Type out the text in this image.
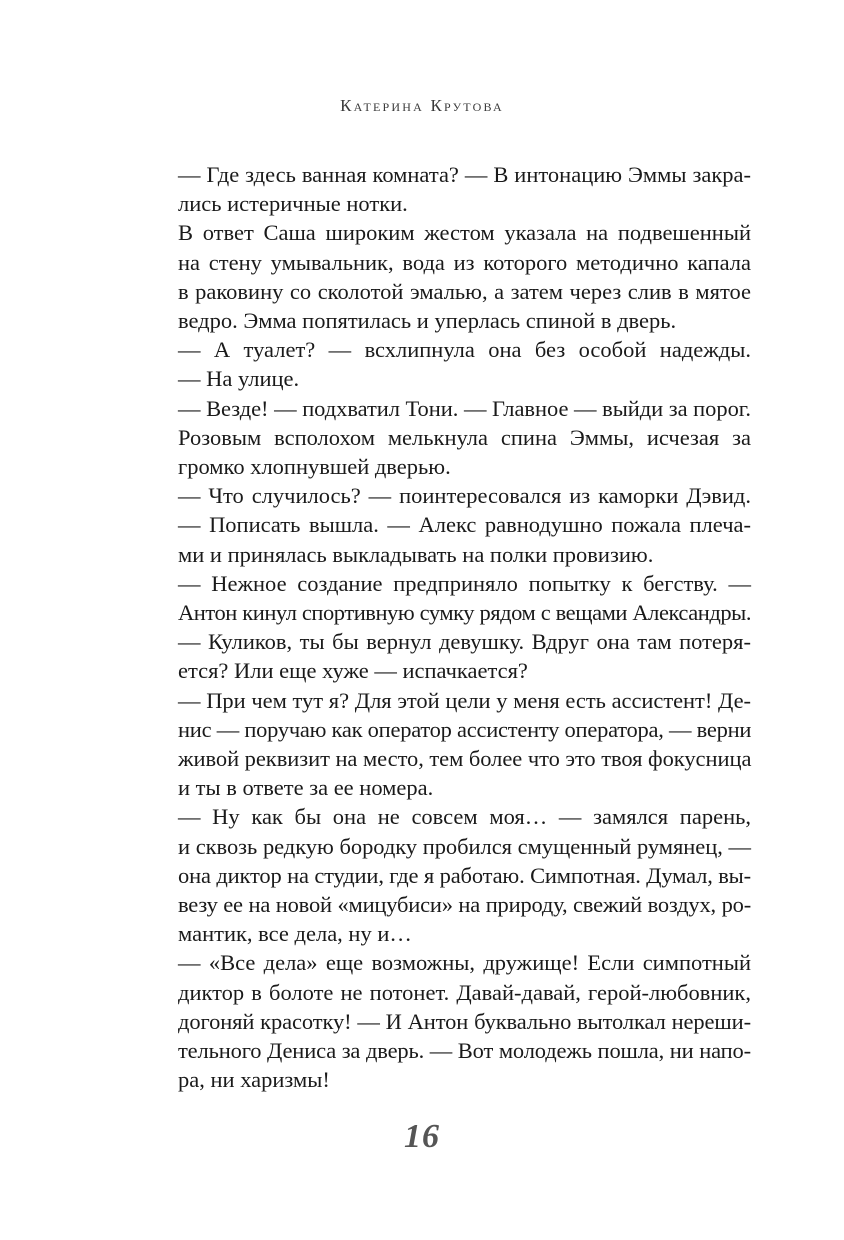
Катерина Крутова

— Где здесь ванная комната? — В интонацию Эммы закра-
лись истеричные нотки.

В ответ Саша широким жестом указала на подвешенный
на стену умывальник, вода из которого методично капала
в раковину со сколотой эмалью, а затем через слив в мятое
ведро. Эмма попятилась и уперлась спиной в дверь.

— А туалет? — всхлипнула она без особой надежды.

— На улице.

— Везде! — подхватил Тони. — Главное — выйди за порог.

Розовым всполохом мелькнула спина Эммы, исчезая за
громко хлопнувшей дверью.

— Что случилось? — поинтересовался из каморки Дэвид.

— Пописать вышла. — Алекс равнодушно пожала плеча-
ми и принялась выкладывать на полки провизию.

— Нежное создание предприняло попытку к бегству. —
Антон кинул спортивную сумку рядом с вещами Александры.

— Куликов, ты бы вернул девушку. Вдруг она там потеря-
ется? Или еще хуже — испачкается?

— При чем тут я? Для этой цели у меня есть ассистент! Де-
нис — поручаю как оператор ассистенту оператора, — верни
живой реквизит на место, тем более что это твоя фокусница
и ты в ответе за ее номера.

— Ну как бы она не совсем моя… — замялся парень,
и сквозь редкую бородку пробился смущенный румянец, —
она диктор на студии, где я работаю. Симпотная. Думал, вы-
везу ее на новой «мицубиси» на природу, свежий воздух, ро-
мантик, все дела, ну и…

— «Все дела» еще возможны, дружище! Если симпотный
диктор в болоте не потонет. Давай-давай, герой-любовник,
догоняй красотку! — И Антон буквально вытолкал нереши-
тельного Дениса за дверь. — Вот молодежь пошла, ни напо-
ра, ни харизмы!

16
